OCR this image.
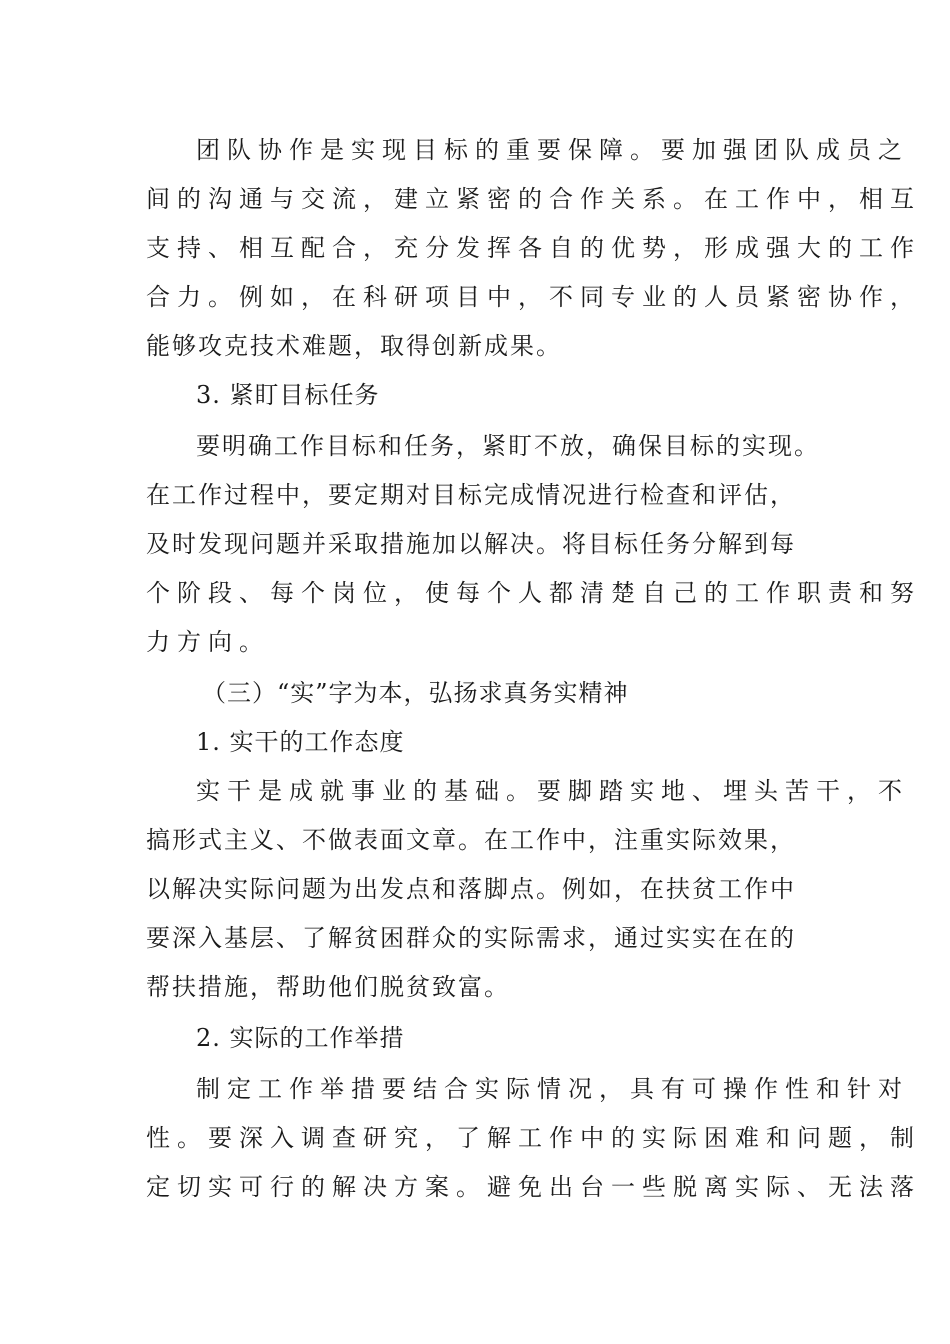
团队协作是实现目标的重要保障。要加强团队成员之
间的沟通与交流，建立紧密的合作关系。在工作中，相互
支持、相互配合，充分发挥各自的优势，形成强大的工作
合力。例如，在科研项目中，不同专业的人员紧密协作，
能够攻克技术难题，取得创新成果。
3. 紧盯目标任务
要明确工作目标和任务，紧盯不放，确保目标的实现。
在工作过程中，要定期对目标完成情况进行检查和评估，
及时发现问题并采取措施加以解决。将目标任务分解到每
个阶段、每个岗位，使每个人都清楚自己的工作职责和努
力方向。
（三）“实”字为本，弘扬求真务实精神
1. 实干的工作态度
实干是成就事业的基础。要脚踏实地、埋头苦干，不
搞形式主义、不做表面文章。在工作中，注重实际效果，
以解决实际问题为出发点和落脚点。例如，在扶贫工作中
要深入基层、了解贫困群众的实际需求，通过实实在在的
帮扶措施，帮助他们脱贫致富。
2. 实际的工作举措
制定工作举措要结合实际情况，具有可操作性和针对
性。要深入调查研究，了解工作中的实际困难和问题，制
定切实可行的解决方案。避免出台一些脱离实际、无法落
